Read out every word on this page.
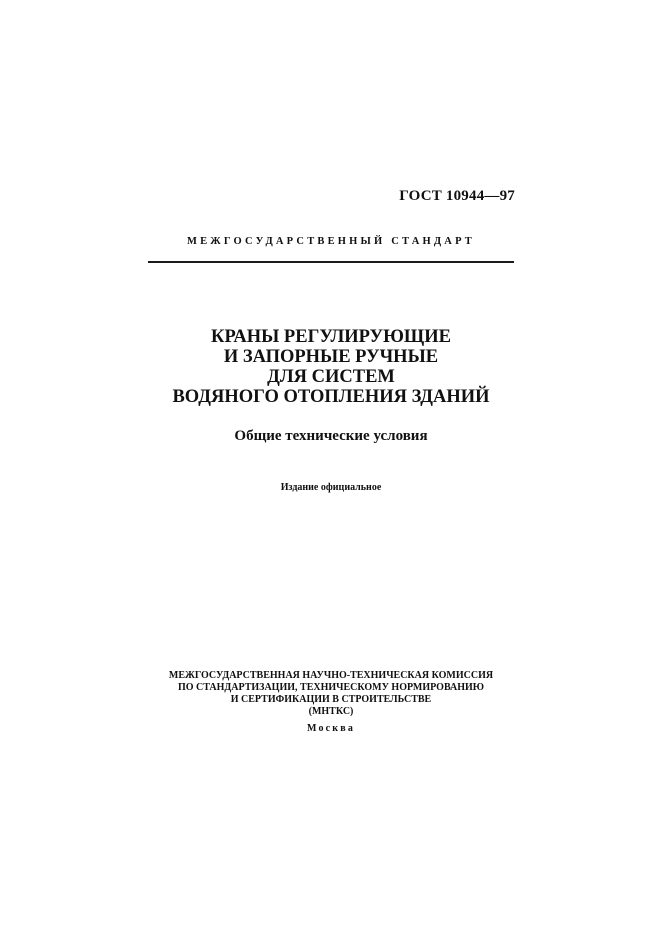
ГОСТ 10944—97
МЕЖГОСУДАРСТВЕННЫЙ СТАНДАРТ
КРАНЫ РЕГУЛИРУЮЩИЕ
И ЗАПОРНЫЕ РУЧНЫЕ
ДЛЯ СИСТЕМ
ВОДЯНОГО ОТОПЛЕНИЯ ЗДАНИЙ
Общие технические условия
Издание официальное
МЕЖГОСУДАРСТВЕННАЯ НАУЧНО-ТЕХНИЧЕСКАЯ КОМИССИЯ
ПО СТАНДАРТИЗАЦИИ, ТЕХНИЧЕСКОМУ НОРМИРОВАНИЮ
И СЕРТИФИКАЦИИ В СТРОИТЕЛЬСТВЕ
(МНТКС)
Москва
